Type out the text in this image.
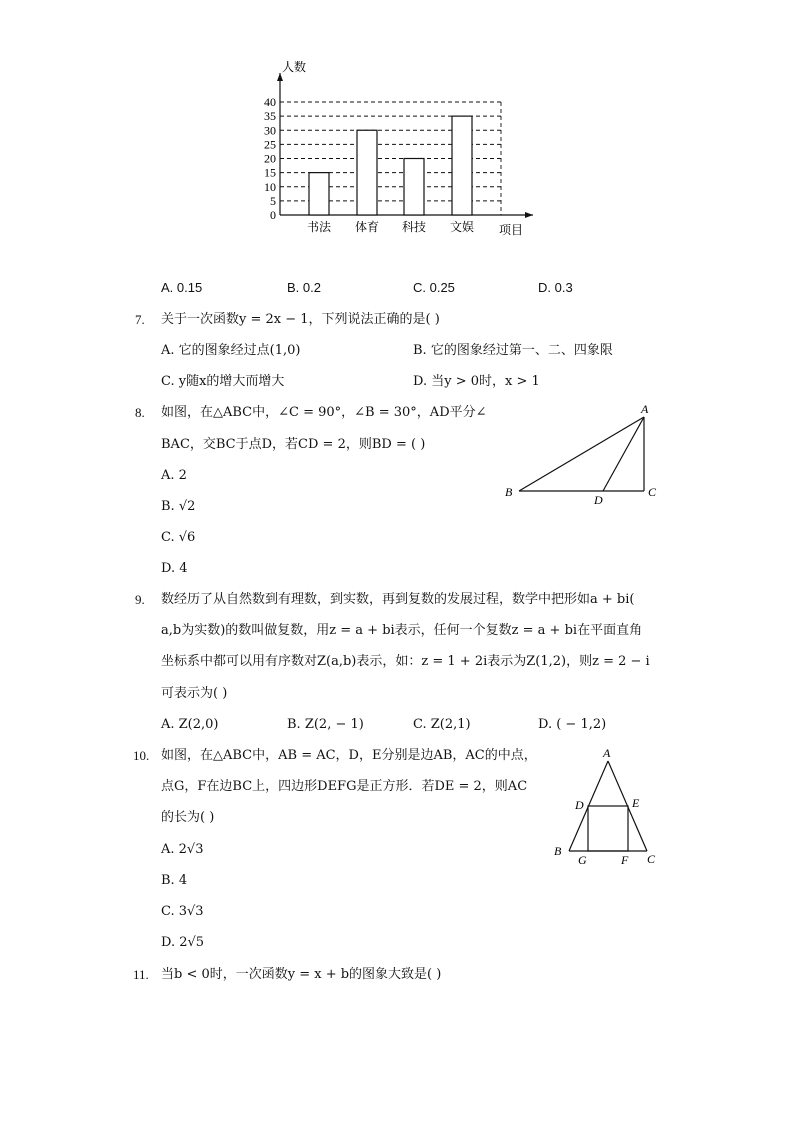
0
5
10
15
20
25
30
35
40
人数
项目
书法 体育 科技 文娱
A. 0.15	B. 0.2	C. 0.25	D. 0.3
7. 关于一次函数y = 2x − 1，下列说法正确的是( )
A. 它的图象经过点(1,0)	B. 它的图象经过第一、二、四象限
C. y随x的增大而增大	D. 当y > 0时，x > 1
8. 如图，在△ABC中，∠C = 90°，∠B = 30°，AD平分∠
BAC，交BC于点D，若CD = 2，则BD = ( )
A. 2
B. √2
C. √6
D. 4
A
B
D
C
9. 数经历了从自然数到有理数，到实数，再到复数的发展过程，数学中把形如a + bi(
a,b为实数)的数叫做复数，用z = a + bi表示，任何一个复数z = a + bi在平面直角
坐标系中都可以用有序数对Z(a,b)表示，如：z = 1 + 2i表示为Z(1,2)，则z = 2 − i
可表示为( )
A. Z(2,0)	B. Z(2, − 1)	C. Z(2,1)	D. ( − 1,2)
10. 如图，在△ABC中，AB = AC，D，E分别是边AB，AC的中点，
点G，F在边BC上，四边形DEFG是正方形．若DE = 2，则AC
的长为( )
A. 2√3
B. 4
C. 3√3
D. 2√5
A
D	E
B
G	F C
11. 当b < 0时，一次函数y = x + b的图象大致是( )
